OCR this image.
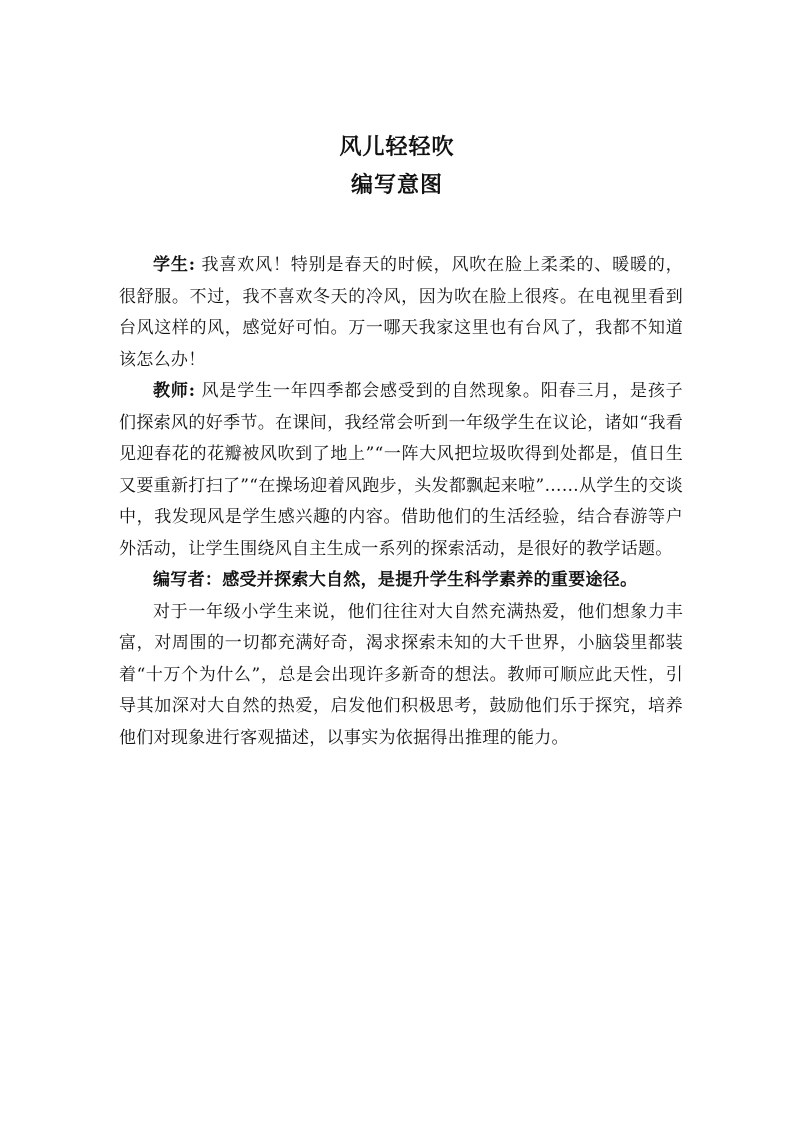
风儿轻轻吹
编写意图

学生: 我喜欢风！特别是春天的时候，风吹在脸上柔柔的、暖暖的，很舒服。不过，我不喜欢冬天的冷风，因为吹在脸上很疼。在电视里看到台风这样的风，感觉好可怕。万一哪天我家这里也有台风了，我都不知道该怎么办！

教师: 风是学生一年四季都会感受到的自然现象。阳春三月，是孩子们探索风的好季节。在课间，我经常会听到一年级学生在议论，诸如“我看见迎春花的花瓣被风吹到了地上”“一阵大风把垃圾吹得到处都是，值日生又要重新打扫了”“在操场迎着风跑步，头发都飘起来啦”……从学生的交谈中，我发现风是学生感兴趣的内容。借助他们的生活经验，结合春游等户外活动，让学生围绕风自主生成一系列的探索活动，是很好的教学话题。

编写者：感受并探索大自然，是提升学生科学素养的重要途径。

对于一年级小学生来说，他们往往对大自然充满热爱，他们想象力丰富，对周围的一切都充满好奇，渴求探索未知的大千世界，小脑袋里都装着“十万个为什么”，总是会出现许多新奇的想法。教师可顺应此天性，引导其加深对大自然的热爱，启发他们积极思考，鼓励他们乐于探究，培养他们对现象进行客观描述，以事实为依据得出推理的能力。
